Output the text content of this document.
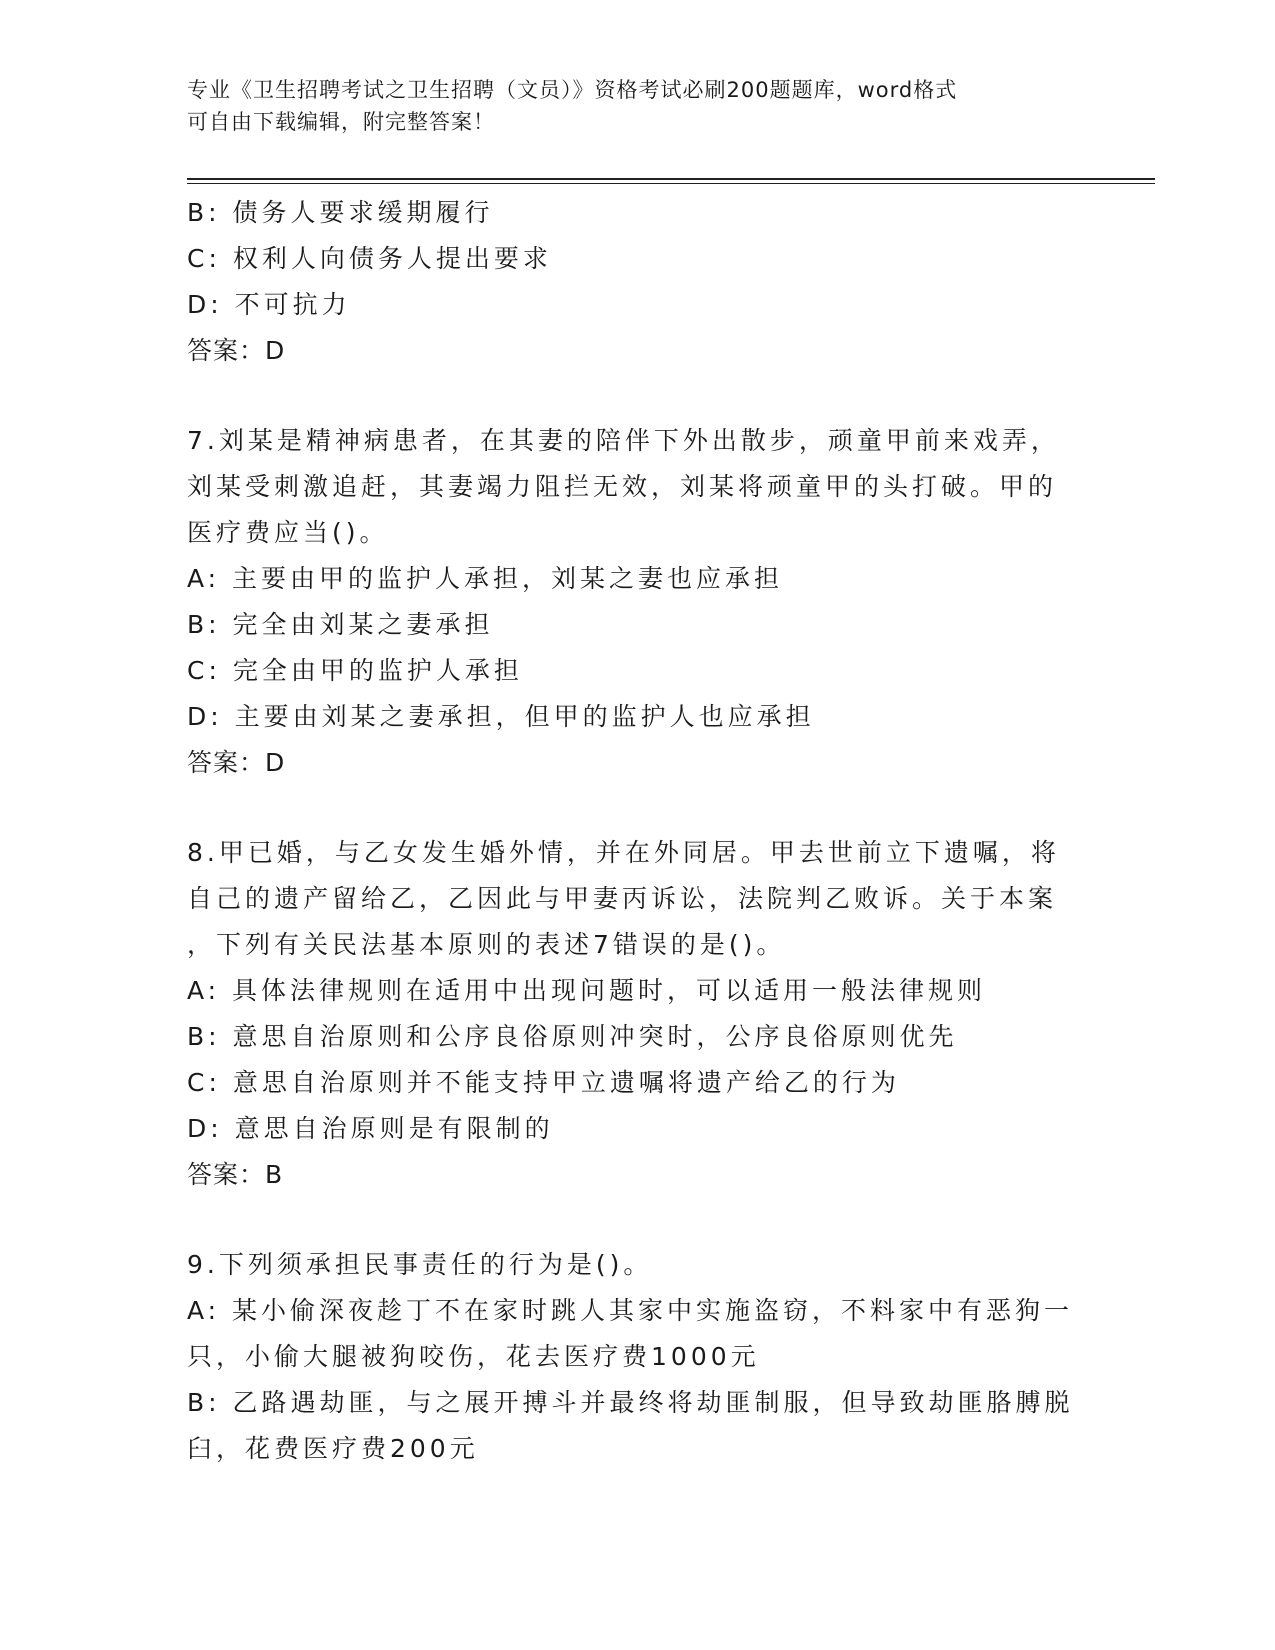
专业《卫生招聘考试之卫生招聘（文员）》资格考试必刷200题题库，word格式
可自由下载编辑，附完整答案！
B: 债务人要求缓期履行
C: 权利人向债务人提出要求
D: 不可抗力
答案：D
7.刘某是精神病患者，在其妻的陪伴下外出散步，顽童甲前来戏弄，
刘某受刺激追赶，其妻竭力阻拦无效，刘某将顽童甲的头打破。甲的
医疗费应当()。
A: 主要由甲的监护人承担，刘某之妻也应承担
B: 完全由刘某之妻承担
C: 完全由甲的监护人承担
D: 主要由刘某之妻承担，但甲的监护人也应承担
答案：D
8.甲已婚，与乙女发生婚外情，并在外同居。甲去世前立下遗嘱，将
自己的遗产留给乙，乙因此与甲妻丙诉讼，法院判乙败诉。关于本案
，下列有关民法基本原则的表述7错误的是()。
A: 具体法律规则在适用中出现问题时，可以适用一般法律规则
B: 意思自治原则和公序良俗原则冲突时，公序良俗原则优先
C: 意思自治原则并不能支持甲立遗嘱将遗产给乙的行为
D: 意思自治原则是有限制的
答案：B
9.下列须承担民事责任的行为是()。
A: 某小偷深夜趁丁不在家时跳人其家中实施盗窃，不料家中有恶狗一
只，小偷大腿被狗咬伤，花去医疗费1000元
B: 乙路遇劫匪，与之展开搏斗并最终将劫匪制服，但导致劫匪胳膊脱
臼，花费医疗费200元
